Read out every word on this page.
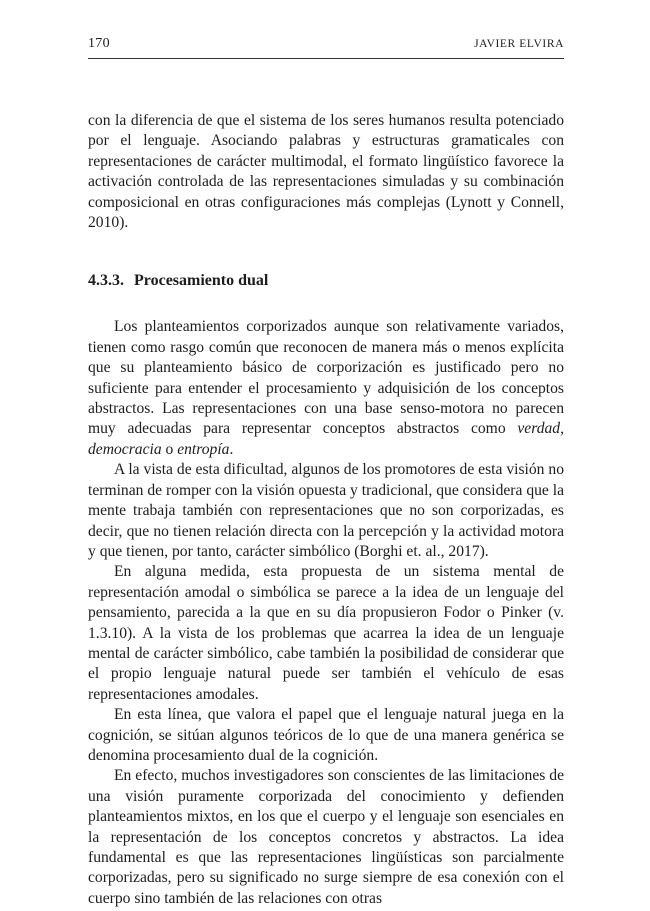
170	JAVIER ELVIRA

con la diferencia de que el sistema de los seres humanos resulta potenciado por el lenguaje. Asociando palabras y estructuras gramaticales con representaciones de carácter multimodal, el formato lingüístico favorece la activación controlada de las representaciones simuladas y su combinación composicional en otras configuraciones más complejas (Lynott y Connell, 2010).

4.3.3. Procesamiento dual

Los planteamientos corporizados aunque son relativamente variados, tienen como rasgo común que reconocen de manera más o menos explícita que su planteamiento básico de corporización es justificado pero no suficiente para entender el procesamiento y adquisición de los conceptos abstractos. Las representaciones con una base senso-motora no parecen muy adecuadas para representar conceptos abstractos como verdad, democracia o entropía.

A la vista de esta dificultad, algunos de los promotores de esta visión no terminan de romper con la visión opuesta y tradicional, que considera que la mente trabaja también con representaciones que no son corporizadas, es decir, que no tienen relación directa con la percepción y la actividad motora y que tienen, por tanto, carácter simbólico (Borghi et. al., 2017).

En alguna medida, esta propuesta de un sistema mental de representación amodal o simbólica se parece a la idea de un lenguaje del pensamiento, parecida a la que en su día propusieron Fodor o Pinker (v. 1.3.10). A la vista de los problemas que acarrea la idea de un lenguaje mental de carácter simbólico, cabe también la posibilidad de considerar que el propio lenguaje natural puede ser también el vehículo de esas representaciones amodales.

En esta línea, que valora el papel que el lenguaje natural juega en la cognición, se sitúan algunos teóricos de lo que de una manera genérica se denomina procesamiento dual de la cognición.

En efecto, muchos investigadores son conscientes de las limitaciones de una visión puramente corporizada del conocimiento y defienden planteamientos mixtos, en los que el cuerpo y el lenguaje son esenciales en la representación de los conceptos concretos y abstractos. La idea fundamental es que las representaciones lingüísticas son parcialmente corporizadas, pero su significado no surge siempre de esa conexión con el cuerpo sino también de las relaciones con otras
